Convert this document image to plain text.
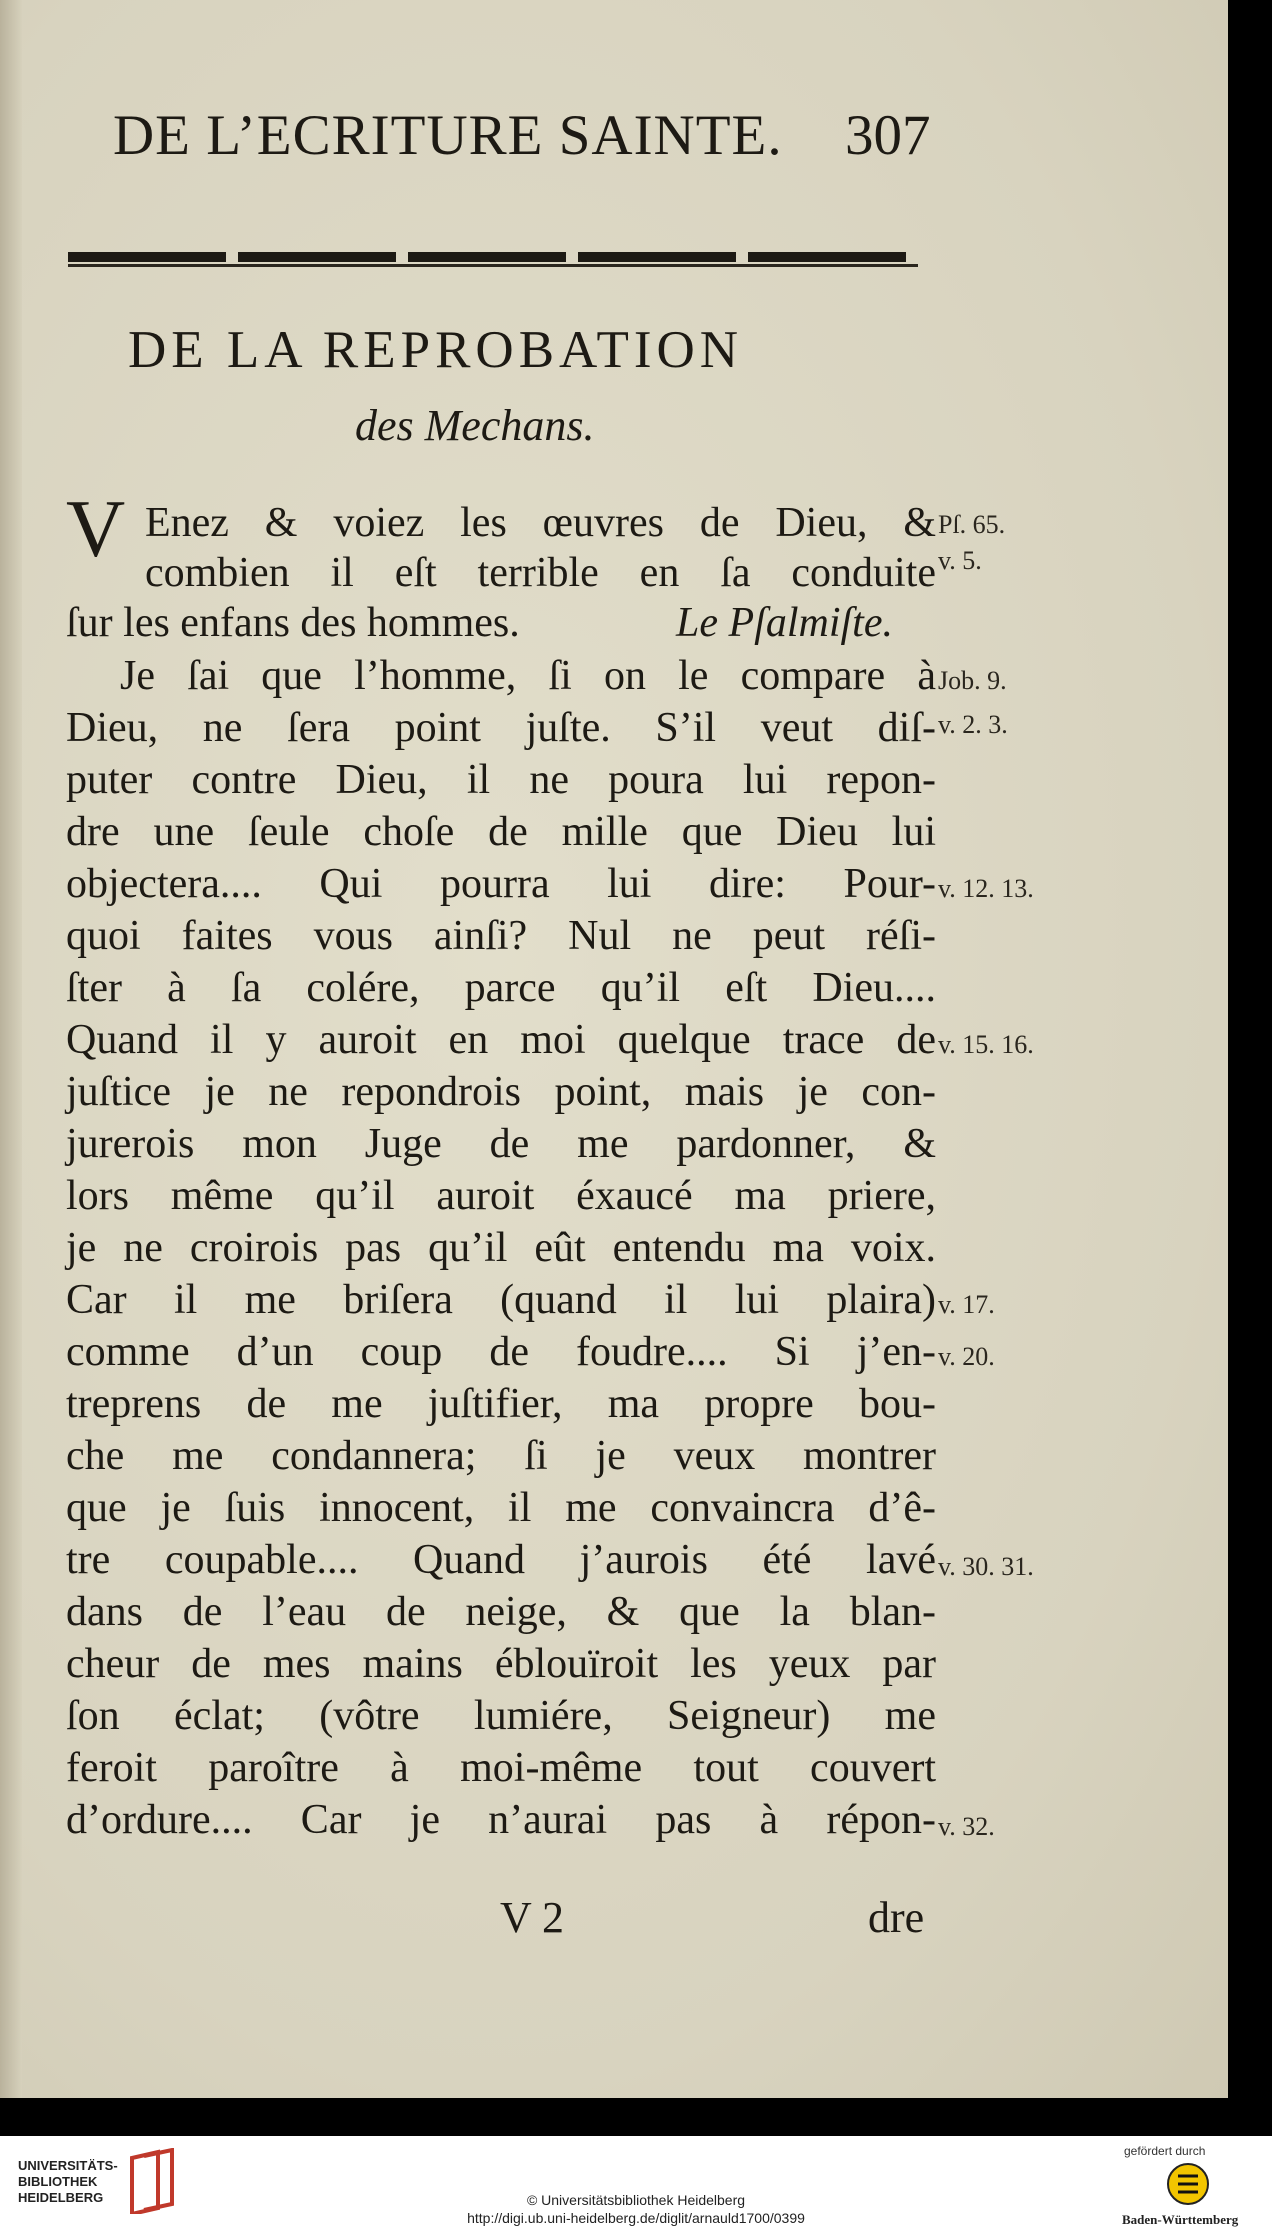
DE L’ECRITURE SAINTE. 307
DE LA REPROBATION
des Mechans.
V Enez & voiez les œuvres de Dieu, &
combien il eſt terrible en ſa conduite
ſur les enfans des hommes.	Le Pſalmiſte.
Je ſai que l’homme, ſi on le compare à
Dieu, ne ſera point juſte. S’il veut diſ-
puter contre Dieu, il ne poura lui repon-
dre une ſeule choſe de mille que Dieu lui
objectera.... Qui pourra lui dire: Pour-
quoi faites vous ainſi? Nul ne peut réſi-
ſter à ſa colére, parce qu’il eſt Dieu....
Quand il y auroit en moi quelque trace de
juſtice je ne repondrois point, mais je con-
jurerois mon Juge de me pardonner, &
lors même qu’il auroit éxaucé ma priere,
je ne croirois pas qu’il eût entendu ma voix.
Car il me briſera (quand il lui plaira)
comme d’un coup de foudre.... Si j’en-
treprens de me juſtifier, ma propre bou-
che me condannera; ſi je veux montrer
que je ſuis innocent, il me convaincra d’ê-
tre coupable.... Quand j’aurois été lavé
dans de l’eau de neige, & que la blan-
cheur de mes mains éblouïroit les yeux par
ſon éclat; (vôtre lumiére, Seigneur) me
feroit paroître à moi-même tout couvert
d’ordure.... Car je n’aurai pas à répon-
Pſ. 65.
v. 5.
Job. 9.
v. 2. 3.
v. 12. 13.
v. 15. 16.
v. 17.
v. 20.
v. 30. 31.
v. 32.
V 2	dre
UNIVERSITÄTS-
BIBLIOTHEK
HEIDELBERG	© Universitätsbibliothek Heidelberg
http://digi.ub.uni-heidelberg.de/diglit/arnauld1700/0399
gefördert durch
Baden-Württemberg
